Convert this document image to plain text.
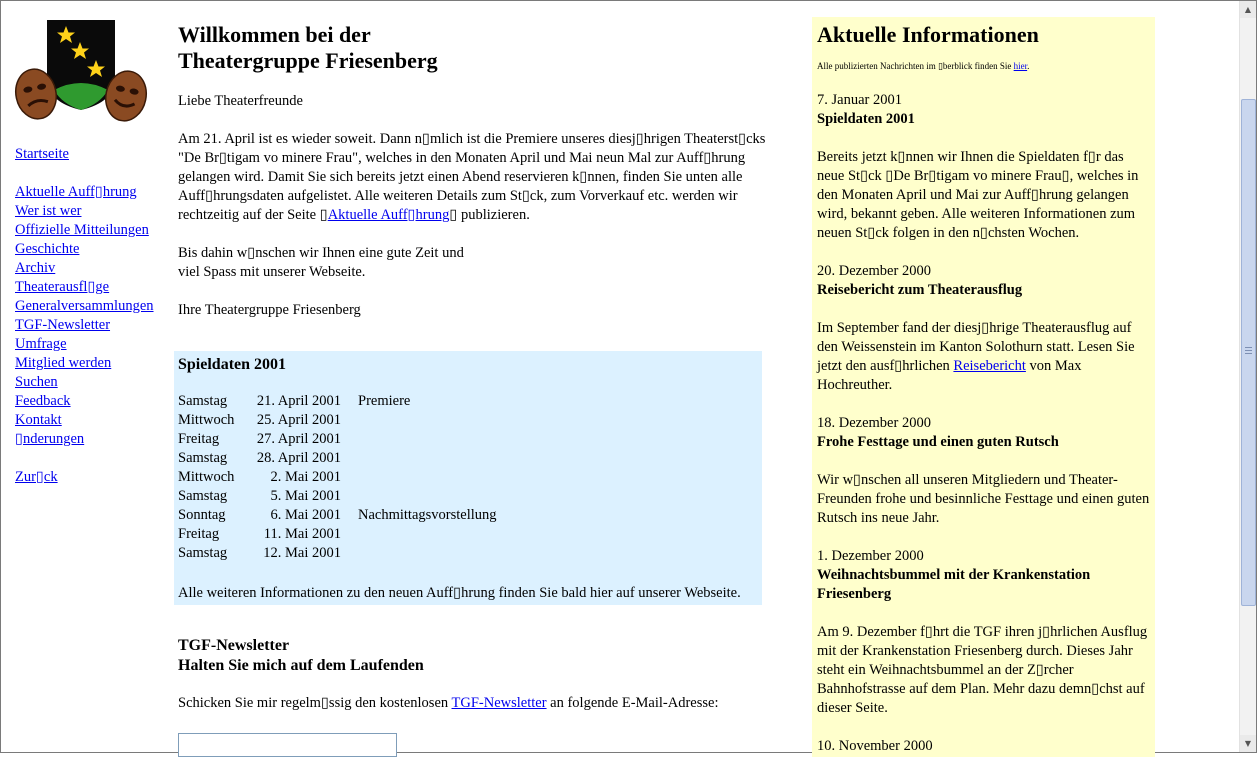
Startseite
Aktuelle Auff▯hrung
Wer ist wer
Offizielle Mitteilungen
Geschichte
Archiv
Theaterausfl▯ge
Generalversammlungen
TGF-Newsletter
Umfrage
Mitglied werden
Suchen
Feedback
Kontakt
▯nderungen
Zur▯ck
Willkommen bei der
Theatergruppe Friesenberg

Liebe Theaterfreunde

Am 21. April ist es wieder soweit. Dann n▯mlich ist die Premiere unseres diesj▯hrigen Theaterst▯cks "De Br▯tigam vo minere Frau", welches in den Monaten April und Mai neun Mal zur Auff▯hrung gelangen wird. Damit Sie sich bereits jetzt einen Abend reservieren k▯nnen, finden Sie unten alle Auff▯hrungsdaten aufgelistet. Alle weiteren Details zum St▯ck, zum Vorverkauf etc. werden wir rechtzeitig auf der Seite ▯Aktuelle Auff▯hrung▯ publizieren.

Bis dahin w▯nschen wir Ihnen eine gute Zeit und
viel Spass mit unserer Webseite.

Ihre Theatergruppe Friesenberg

Spieldaten 2001
Samstag	21. April 2001 Premiere
Mittwoch	25. April 2001
Freitag	27. April 2001
Samstag	28. April 2001
Mittwoch	2. Mai 2001
Samstag	5. Mai 2001
Sonntag	6. Mai 2001 Nachmittagsvorstellung
Freitag	11. Mai 2001
Samstag	12. Mai 2001
Alle weiteren Informationen zu den neuen Auff▯hrung finden Sie bald hier auf unserer Webseite.
TGF-Newsletter
Halten Sie mich auf dem Laufenden

Schicken Sie mir regelm▯ssig den kostenlosen TGF-Newsletter an folgende E-Mail-Adresse:

Aktuelle Informationen

Alle publizierten Nachrichten im ▯berblick finden Sie hier.

7. Januar 2001
Spieldaten 2001

Bereits jetzt k▯nnen wir Ihnen die Spieldaten f▯r das neue St▯ck ▯De Br▯tigam vo minere Frau▯, welches in den Monaten April und Mai zur Auff▯hrung gelangen wird, bekannt geben. Alle weiteren Informationen zum neuen St▯ck folgen in den n▯chsten Wochen.

20. Dezember 2000
Reisebericht zum Theaterausflug

Im September fand der diesj▯hrige Theaterausflug auf den Weissenstein im Kanton Solothurn statt. Lesen Sie jetzt den ausf▯hrlichen Reisebericht von Max Hochreuther.

18. Dezember 2000
Frohe Festtage und einen guten Rutsch

Wir w▯nschen all unseren Mitgliedern und Theater-Freunden frohe und besinnliche Festtage und einen guten Rutsch ins neue Jahr.

1. Dezember 2000
Weihnachtsbummel mit der Krankenstation Friesenberg

Am 9. Dezember f▯hrt die TGF ihren j▯hrlichen Ausflug mit der Krankenstation Friesenberg durch. Dieses Jahr steht ein Weihnachtsbummel an der Z▯rcher Bahnhofstrasse auf dem Plan. Mehr dazu demn▯chst auf dieser Seite.

10. November 2000
▲
▼
